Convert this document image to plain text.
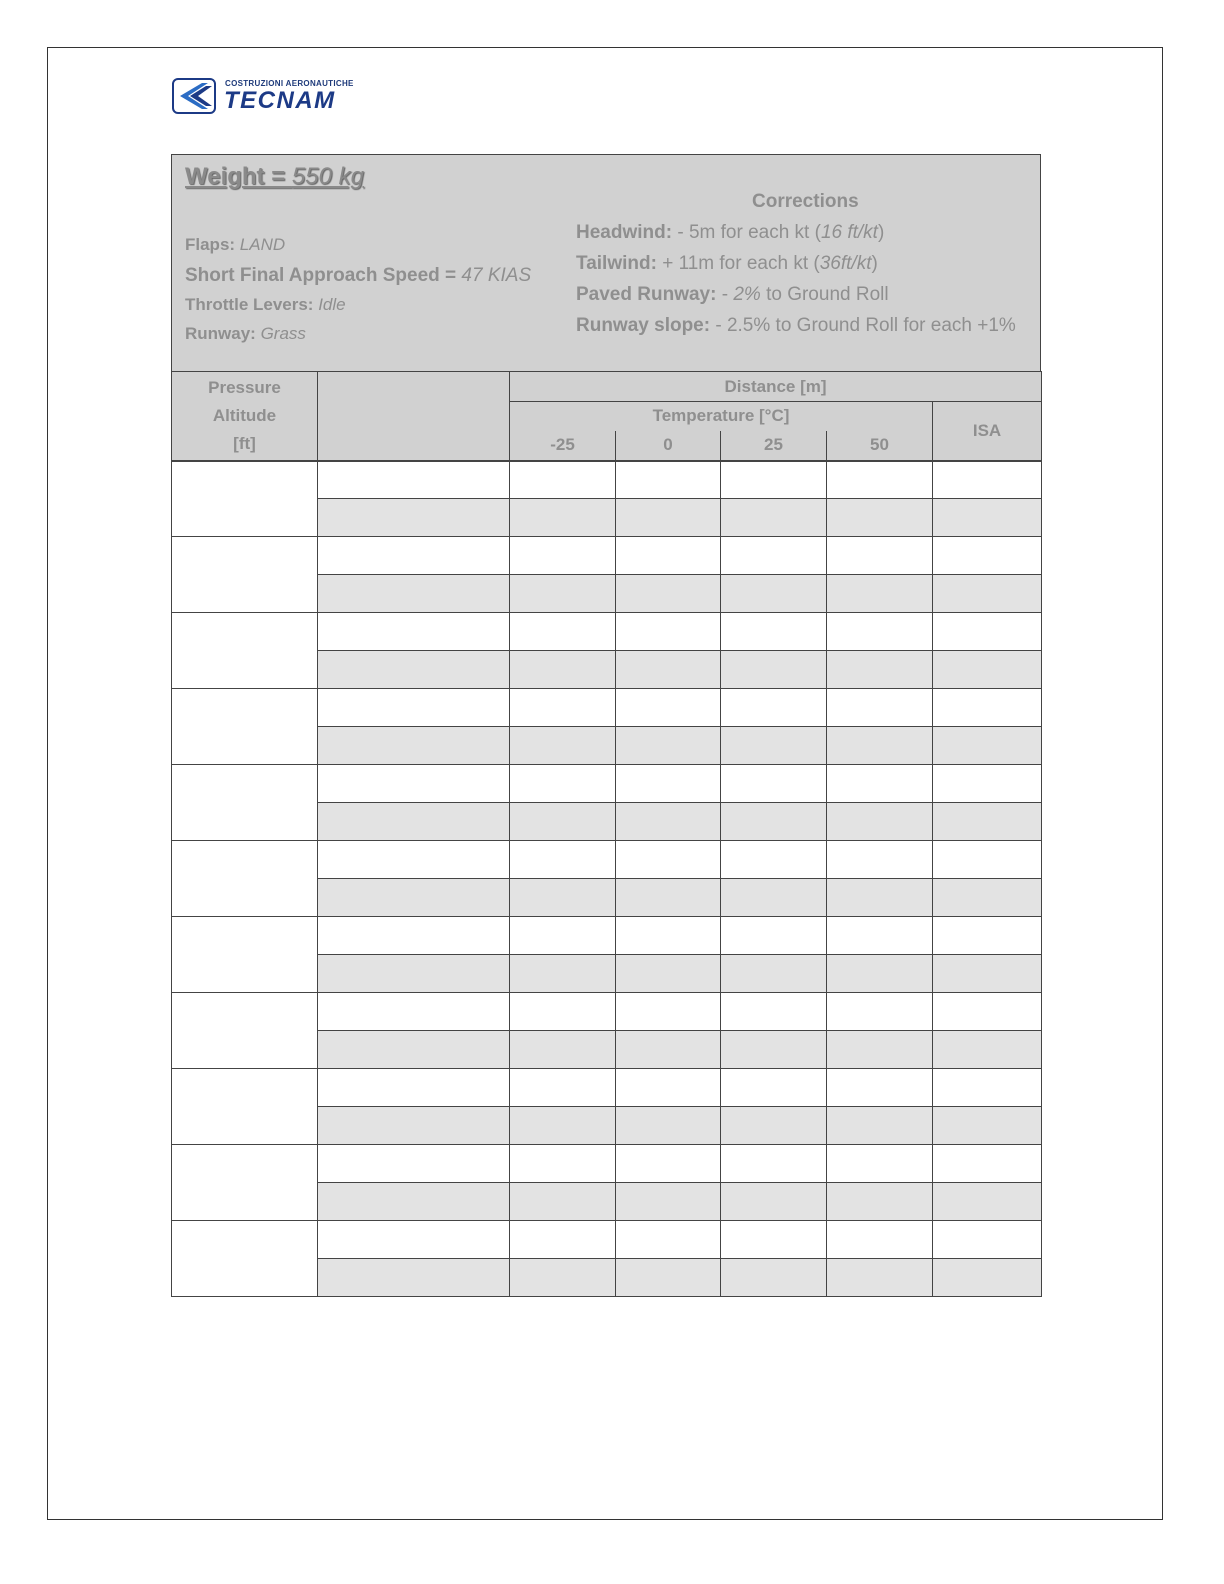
COSTRUZIONI AERONAUTICHE
TECNAM
Weight = 550 kg
Flaps: LAND
Short Final Approach Speed = 47 KIAS
Throttle Levers: Idle
Runway: Grass
Corrections
Headwind: - 5m for each kt (16 ft/kt)
Tailwind: + 11m for each kt (36ft/kt)
Paved Runway: - 2% to Ground Roll
Runway slope: - 2.5% to Ground Roll for each +1%
Pressure
Altitude
[ft]		Distance [m]				
		Temperature [°C]				ISA
		-25	0	25	50	
